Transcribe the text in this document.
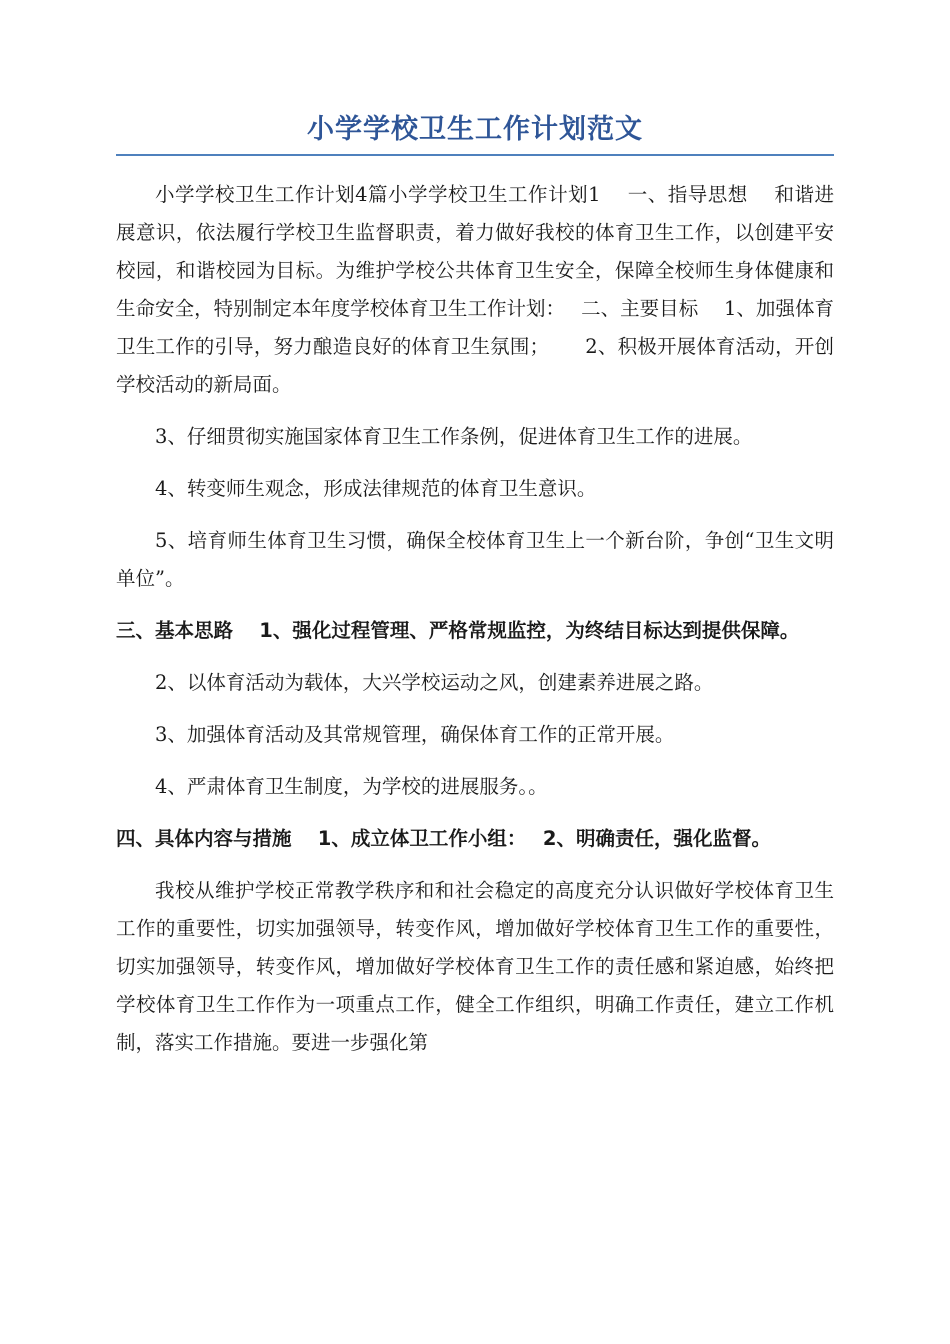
小学学校卫生工作计划范文

小学学校卫生工作计划4篇小学学校卫生工作计划1　 一、指导思想　 和谐进展意识，依法履行学校卫生监督职责，着力做好我校的体育卫生工作，以创建平安校园，和谐校园为目标。为维护学校公共体育卫生安全，保障全校师生身体健康和生命安全，特别制定本年度学校体育卫生工作计划：　 二、主要目标　 1、加强体育卫生工作的引导，努力酿造良好的体育卫生氛围；　　 2、积极开展体育活动，开创学校活动的新局面。

3、仔细贯彻实施国家体育卫生工作条例，促进体育卫生工作的进展。

4、转变师生观念，形成法律规范的体育卫生意识。

5、培育师生体育卫生习惯，确保全校体育卫生上一个新台阶，争创“卫生文明单位”。

三、基本思路　 1、强化过程管理、严格常规监控，为终结目标达到提供保障。

2、以体育活动为载体，大兴学校运动之风，创建素养进展之路。

3、加强体育活动及其常规管理，确保体育工作的正常开展。

4、严肃体育卫生制度，为学校的进展服务。。

四、具体内容与措施　 1、成立体卫工作小组：　 2、明确责任，强化监督。

我校从维护学校正常教学秩序和和社会稳定的高度充分认识做好学校体育卫生工作的重要性，切实加强领导，转变作风，增加做好学校体育卫生工作的重要性，切实加强领导，转变作风，增加做好学校体育卫生工作的责任感和紧迫感，始终把学校体育卫生工作作为一项重点工作，健全工作组织，明确工作责任，建立工作机制，落实工作措施。要进一步强化第
